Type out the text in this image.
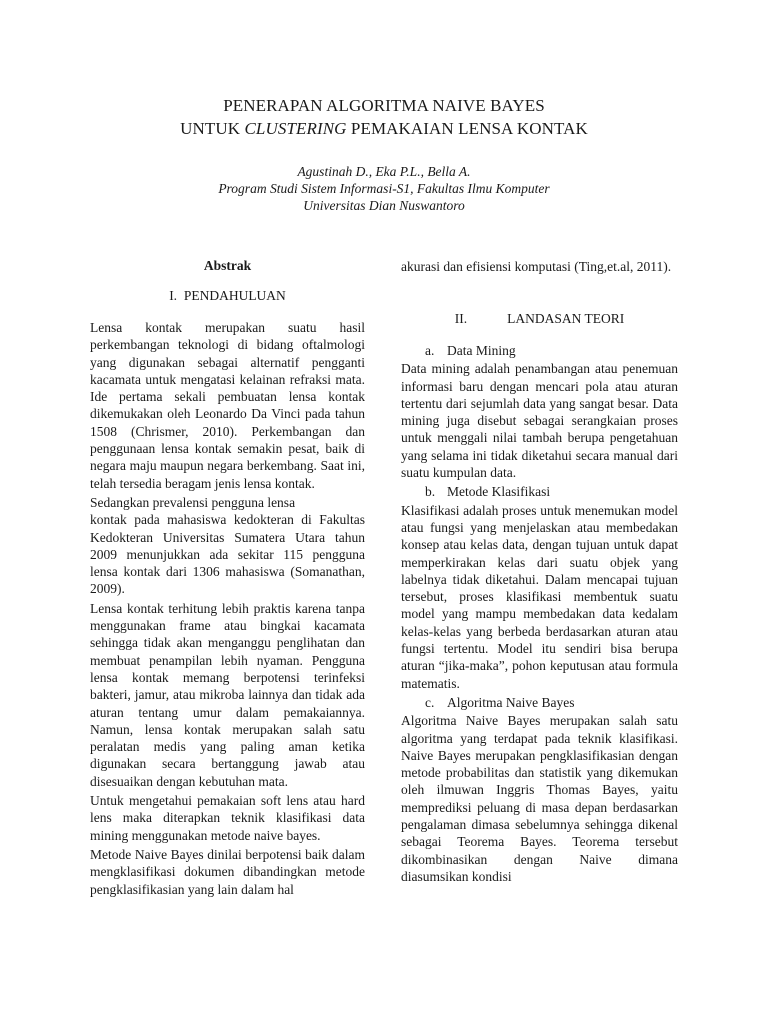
PENERAPAN ALGORITMA NAIVE BAYES
UNTUK CLUSTERING PEMAKAIAN LENSA KONTAK
Agustinah D., Eka P.L., Bella A.
Program Studi Sistem Informasi-S1, Fakultas Ilmu Komputer
Universitas Dian Nuswantoro
Abstrak
I. PENDAHULUAN

Lensa kontak merupakan suatu hasil perkembangan teknologi di bidang oftalmologi yang digunakan sebagai alternatif pengganti kacamata untuk mengatasi kelainan refraksi mata. Ide pertama sekali pembuatan lensa kontak dikemukakan oleh Leonardo Da Vinci pada tahun 1508 (Chrismer, 2010). Perkembangan dan penggunaan lensa kontak semakin pesat, baik di negara maju maupun negara berkembang. Saat ini, telah tersedia beragam jenis lensa kontak.

Sedangkan prevalensi pengguna lensa

kontak pada mahasiswa kedokteran di Fakultas Kedokteran Universitas Sumatera Utara tahun 2009 menunjukkan ada sekitar 115 pengguna lensa kontak dari 1306 mahasiswa (Somanathan, 2009).

Lensa kontak terhitung lebih praktis karena tanpa menggunakan frame atau bingkai kacamata sehingga tidak akan menganggu penglihatan dan membuat penampilan lebih nyaman. Pengguna lensa kontak memang berpotensi terinfeksi bakteri, jamur, atau mikroba lainnya dan tidak ada aturan tentang umur dalam pemakaiannya. Namun, lensa kontak merupakan salah satu peralatan medis yang paling aman ketika digunakan secara bertanggung jawab atau disesuaikan dengan kebutuhan mata.

Untuk mengetahui pemakaian soft lens atau hard lens maka diterapkan teknik klasifikasi data mining menggunakan metode naive bayes.

Metode Naive Bayes dinilai berpotensi baik dalam mengklasifikasi dokumen dibandingkan metode pengklasifikasian yang lain dalam hal

akurasi dan efisiensi komputasi (Ting,et.al, 2011).

II.	LANDASAN TEORI

a. Data Mining

Data mining adalah penambangan atau penemuan informasi baru dengan mencari pola atau aturan tertentu dari sejumlah data yang sangat besar. Data mining juga disebut sebagai serangkaian proses untuk menggali nilai tambah berupa pengetahuan yang selama ini tidak diketahui secara manual dari suatu kumpulan data.

b. Metode Klasifikasi

Klasifikasi adalah proses untuk menemukan model atau fungsi yang menjelaskan atau membedakan konsep atau kelas data, dengan tujuan untuk dapat memperkirakan kelas dari suatu objek yang labelnya tidak diketahui. Dalam mencapai tujuan tersebut, proses klasifikasi membentuk suatu model yang mampu membedakan data kedalam kelas-kelas yang berbeda berdasarkan aturan atau fungsi tertentu. Model itu sendiri bisa berupa aturan “jika-maka”, pohon keputusan atau formula matematis.

c. Algoritma Naive Bayes

Algoritma Naive Bayes merupakan salah satu algoritma yang terdapat pada teknik klasifikasi. Naive Bayes merupakan pengklasifikasian dengan metode probabilitas dan statistik yang dikemukan oleh ilmuwan Inggris Thomas Bayes, yaitu memprediksi peluang di masa depan berdasarkan pengalaman dimasa sebelumnya sehingga dikenal sebagai Teorema Bayes. Teorema tersebut dikombinasikan dengan Naive dimana diasumsikan kondisi
